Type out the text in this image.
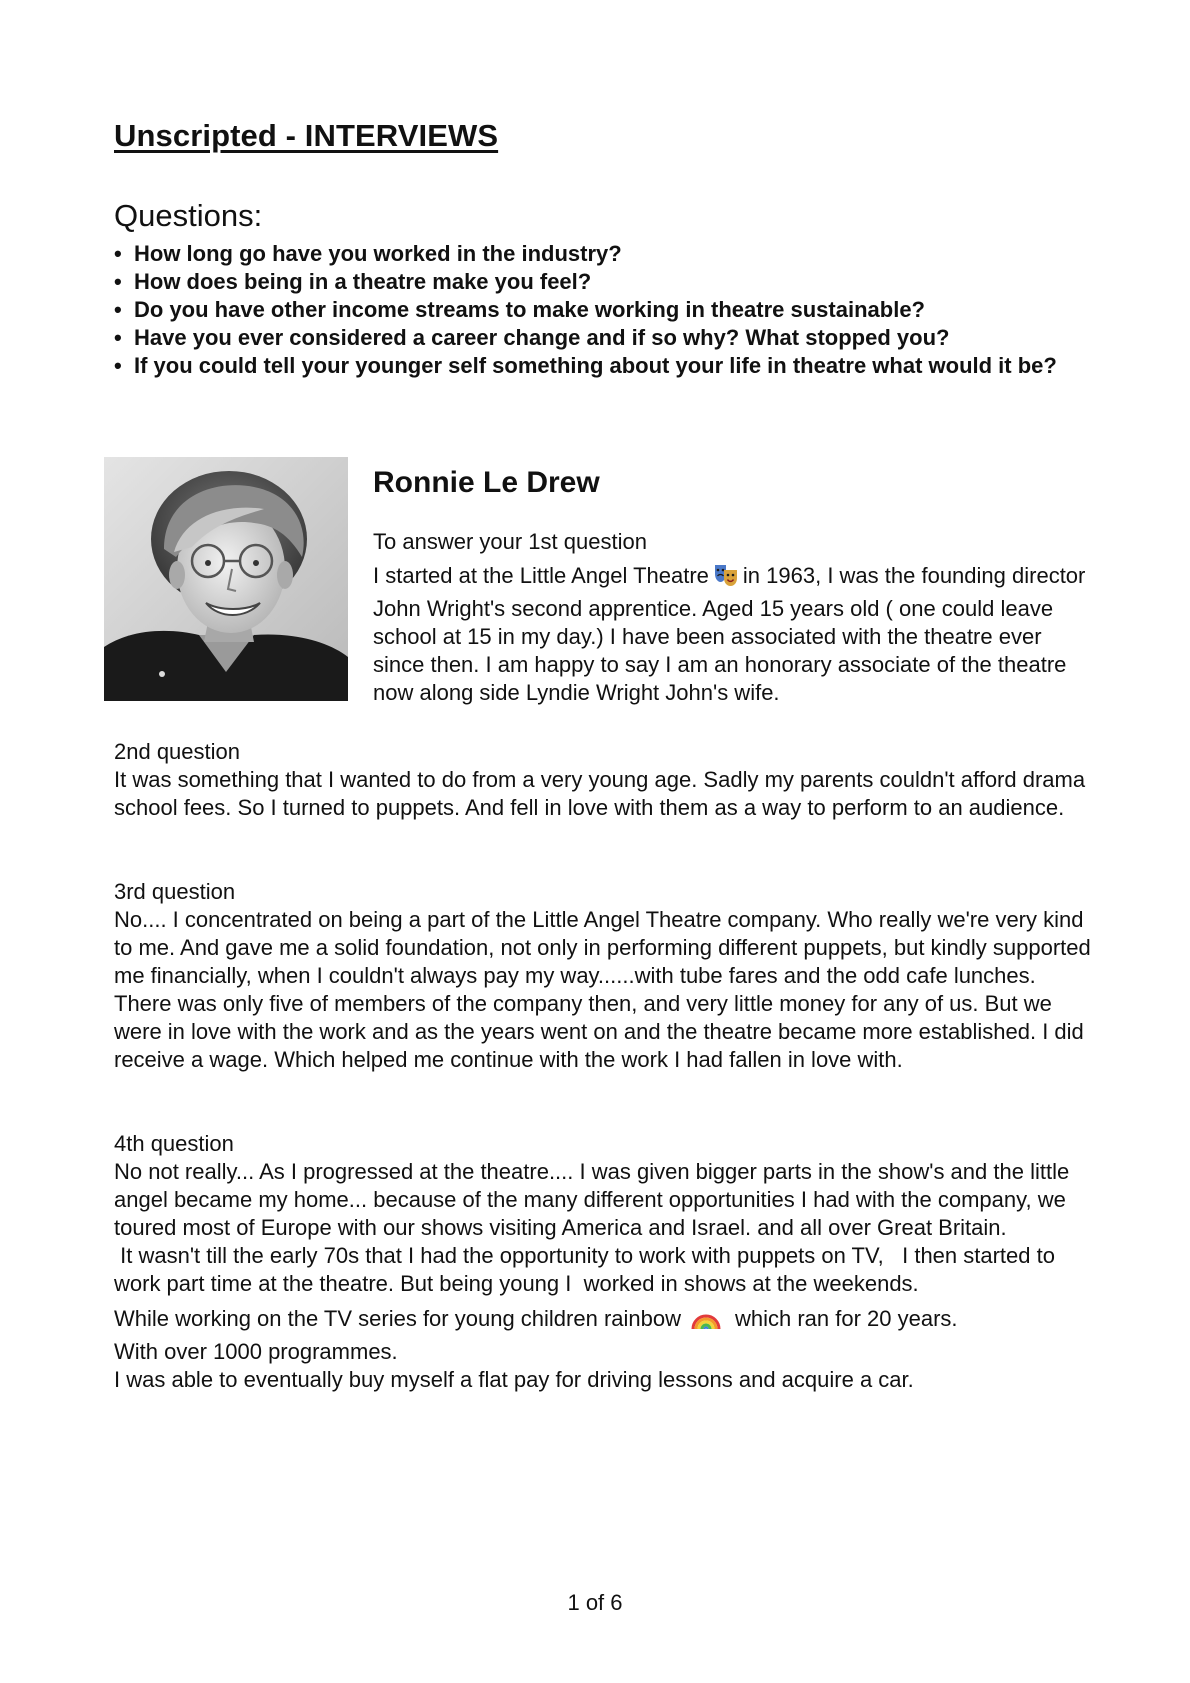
Unscripted - INTERVIEWS
Questions:
• How long go have you worked in the industry?
• How does being in a theatre make you feel?
• Do you have other income streams to make working in theatre sustainable?
• Have you ever considered a career change and if so why? What stopped you?
• If you could tell your younger self something about your life in theatre what would it be?
Ronnie Le Drew

To answer your 1st question

I started at the Little Angel Theatre in 1963, I was the founding director John Wright's second apprentice. Aged 15 years old ( one could leave school at 15 in my day.) I have been associated with the theatre ever since then. I am happy to say I am an honorary associate of the theatre now along side Lyndie Wright John's wife.

2nd question

It was something that I wanted to do from a very young age. Sadly my parents couldn't afford drama school fees. So I turned to puppets. And fell in love with them as a way to perform to an audience.

3rd question

No.... I concentrated on being a part of the Little Angel Theatre company. Who really we're very kind to me. And gave me a solid foundation, not only in performing different puppets, but kindly supported me financially, when I couldn't always pay my way......with tube fares and the odd cafe lunches. There was only five of members of the company then, and very little money for any of us. But we were in love with the work and as the years went on and the theatre became more established. I did receive a wage. Which helped me continue with the work I had fallen in love with.

4th question

No not really... As I progressed at the theatre.... I was given bigger parts in the show's and the little angel became my home... because of the many different opportunities I had with the company, we toured most of Europe with our shows visiting America and Israel. and all over Great Britain.

It wasn't till the early 70s that I had the opportunity to work with puppets on TV,   I then started to work part time at the theatre. But being young I  worked in shows at the weekends.

While working on the TV series for young children rainbow which ran for 20 years.

With over 1000 programmes.

I was able to eventually buy myself a flat pay for driving lessons and acquire a car.

1 of 6
